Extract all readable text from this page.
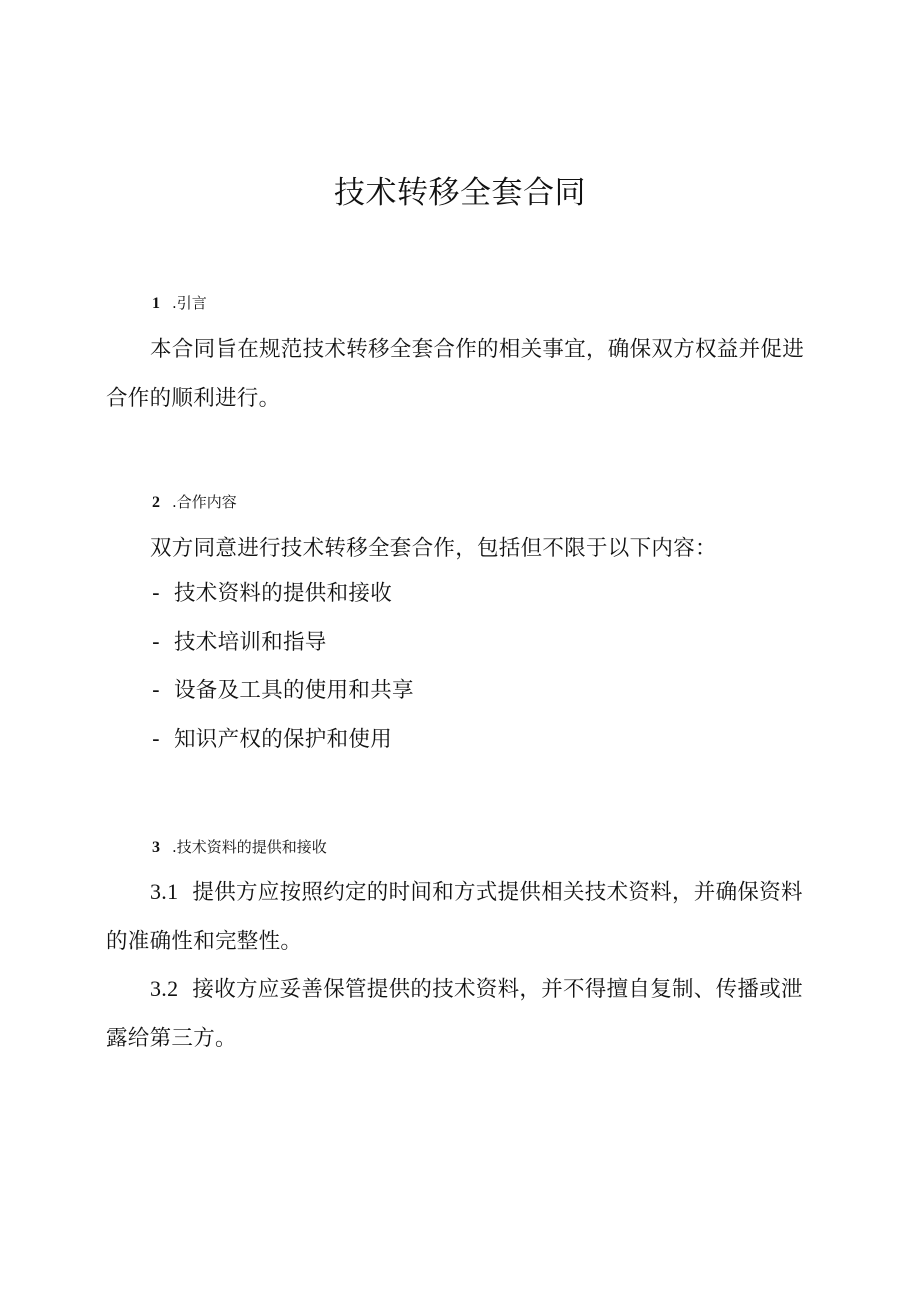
技术转移全套合同
1 .引言

本合同旨在规范技术转移全套合作的相关事宜，确保双方权益并促进合作的顺利进行。

2 .合作内容

双方同意进行技术转移全套合作，包括但不限于以下内容：

- 技术资料的提供和接收
- 技术培训和指导
- 设备及工具的使用和共享
- 知识产权的保护和使用
3 .技术资料的提供和接收

3.1 提供方应按照约定的时间和方式提供相关技术资料，并确保资料的准确性和完整性。

3.2 接收方应妥善保管提供的技术资料，并不得擅自复制、传播或泄露给第三方。
